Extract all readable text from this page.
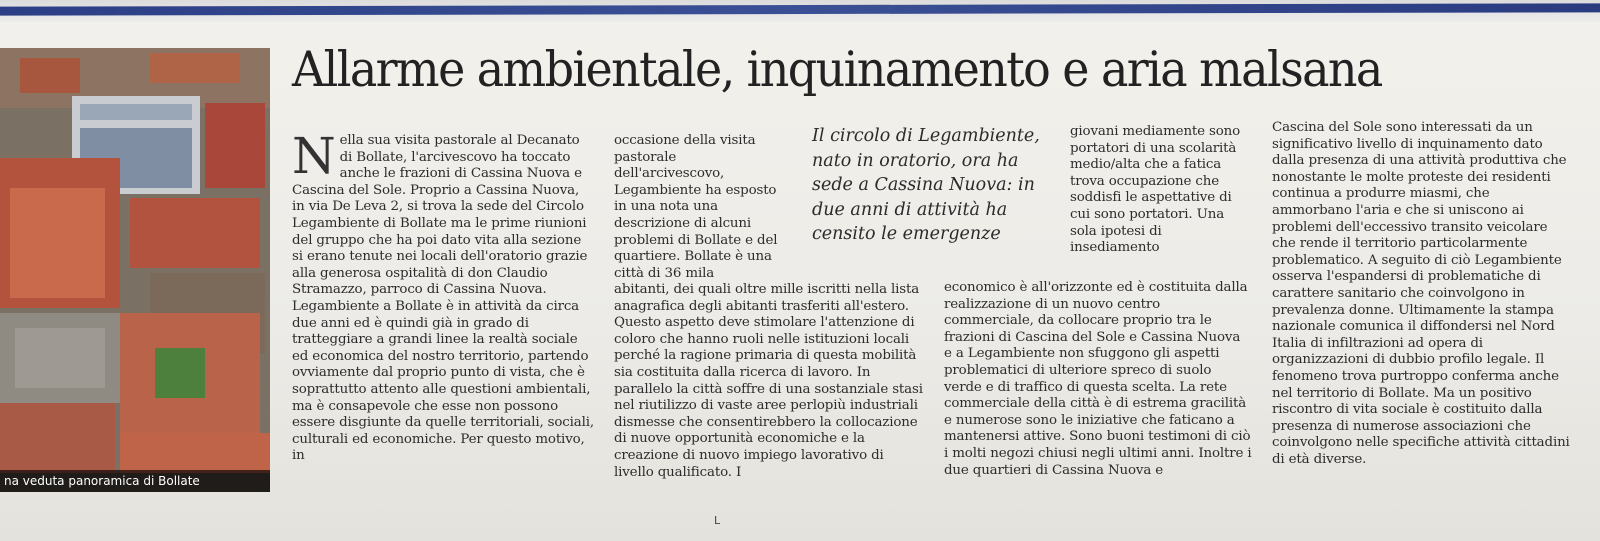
na veduta panoramica di Bollate
Allarme ambientale, inquinamento e aria malsana

Nella sua visita pastorale al Decanato di Bollate, l'arcivescovo ha toccato anche le frazioni di Cassina Nuova e Cascina del Sole. Proprio a Cassina Nuova, in via De Leva 2, si trova la sede del Circolo Legambiente di Bollate ma le prime riunioni del gruppo che ha poi dato vita alla sezione si erano tenute nei locali dell'oratorio grazie alla generosa ospitalità di don Claudio Stramazzo, parroco di Cassina Nuova. Legambiente a Bollate è in attività da circa due anni ed è quindi già in grado di tratteggiare a grandi linee la realtà sociale ed economica del nostro territorio, partendo ovviamente dal proprio punto di vista, che è soprattutto attento alle questioni ambientali, ma è consapevole che esse non possono essere disgiunte da quelle territoriali, sociali, culturali ed economiche. Per questo motivo, in

occasione della visita pastorale dell'arcivescovo, Legambiente ha esposto in una nota una descrizione di alcuni problemi di Bollate e del quartiere. Bollate è una città di 36 mila

abitanti, dei quali oltre mille iscritti nella lista anagrafica degli abitanti trasferiti all'estero. Questo aspetto deve stimolare l'attenzione di coloro che hanno ruoli nelle istituzioni locali perché la ragione primaria di questa mobilità sia costituita dalla ricerca di lavoro. In parallelo la città soffre di una sostanziale stasi nel riutilizzo di vaste aree perlopiù industriali dismesse che consentirebbero la collocazione di nuove opportunità economiche e la creazione di nuovo impiego lavorativo di livello qualificato. I

Il circolo di Legambiente, nato in oratorio, ora ha sede a Cassina Nuova: in due anni di attività ha censito le emergenze

giovani mediamente sono portatori di una scolarità medio/alta che a fatica trova occupazione che soddisfi le aspettative di cui sono portatori. Una sola ipotesi di insediamento

economico è all'orizzonte ed è costituita dalla realizzazione di un nuovo centro commerciale, da collocare proprio tra le frazioni di Cascina del Sole e Cassina Nuova e a Legambiente non sfuggono gli aspetti problematici di ulteriore spreco di suolo verde e di traffico di questa scelta. La rete commerciale della città è di estrema gracilità e numerose sono le iniziative che faticano a mantenersi attive. Sono buoni testimoni di ciò i molti negozi chiusi negli ultimi anni. Inoltre i due quartieri di Cassina Nuova e

Cascina del Sole sono interessati da un significativo livello di inquinamento dato dalla presenza di una attività produttiva che nonostante le molte proteste dei residenti continua a produrre miasmi, che ammorbano l'aria e che si uniscono ai problemi dell'eccessivo transito veicolare che rende il territorio particolarmente problematico. A seguito di ciò Legambiente osserva l'espandersi di problematiche di carattere sanitario che coinvolgono in prevalenza donne. Ultimamente la stampa nazionale comunica il diffondersi nel Nord Italia di infiltrazioni ad opera di organizzazioni di dubbio profilo legale. Il fenomeno trova purtroppo conferma anche nel territorio di Bollate. Ma un positivo riscontro di vita sociale è costituito dalla presenza di numerose associazioni che coinvolgono nelle specifiche attività cittadini di età diverse.

L
